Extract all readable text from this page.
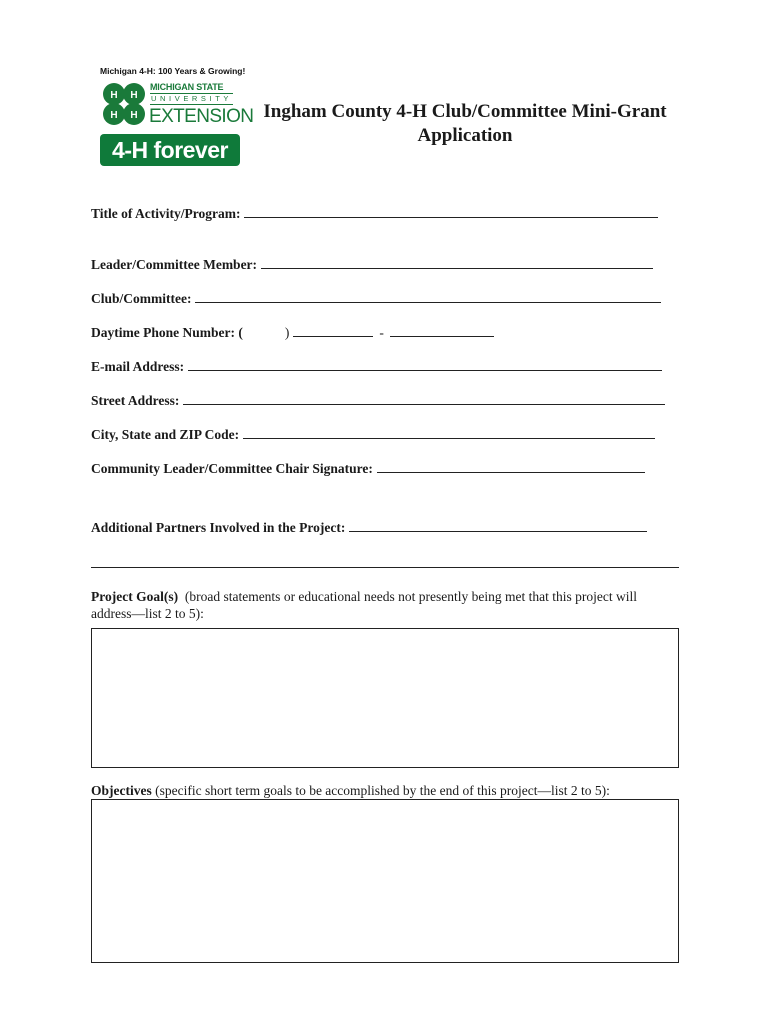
Michigan 4-H: 100 Years & Growing!
H H
H H
MICHIGAN STATE
UNIVERSITY
EXTENSION
4-H forever
Ingham County 4-H Club/Committee Mini-Grant
Application
Title of Activity/Program:
Leader/Committee Member:
Club/Committee:
Daytime Phone Number: (	)	-
E-mail Address:
Street Address:
City, State and ZIP Code:
Community Leader/Committee Chair Signature:
Additional Partners Involved in the Project:
Project Goal(s) (broad statements or educational needs not presently being met that this project will address—list 2 to 5):
Objectives (specific short term goals to be accomplished by the end of this project—list 2 to 5):
